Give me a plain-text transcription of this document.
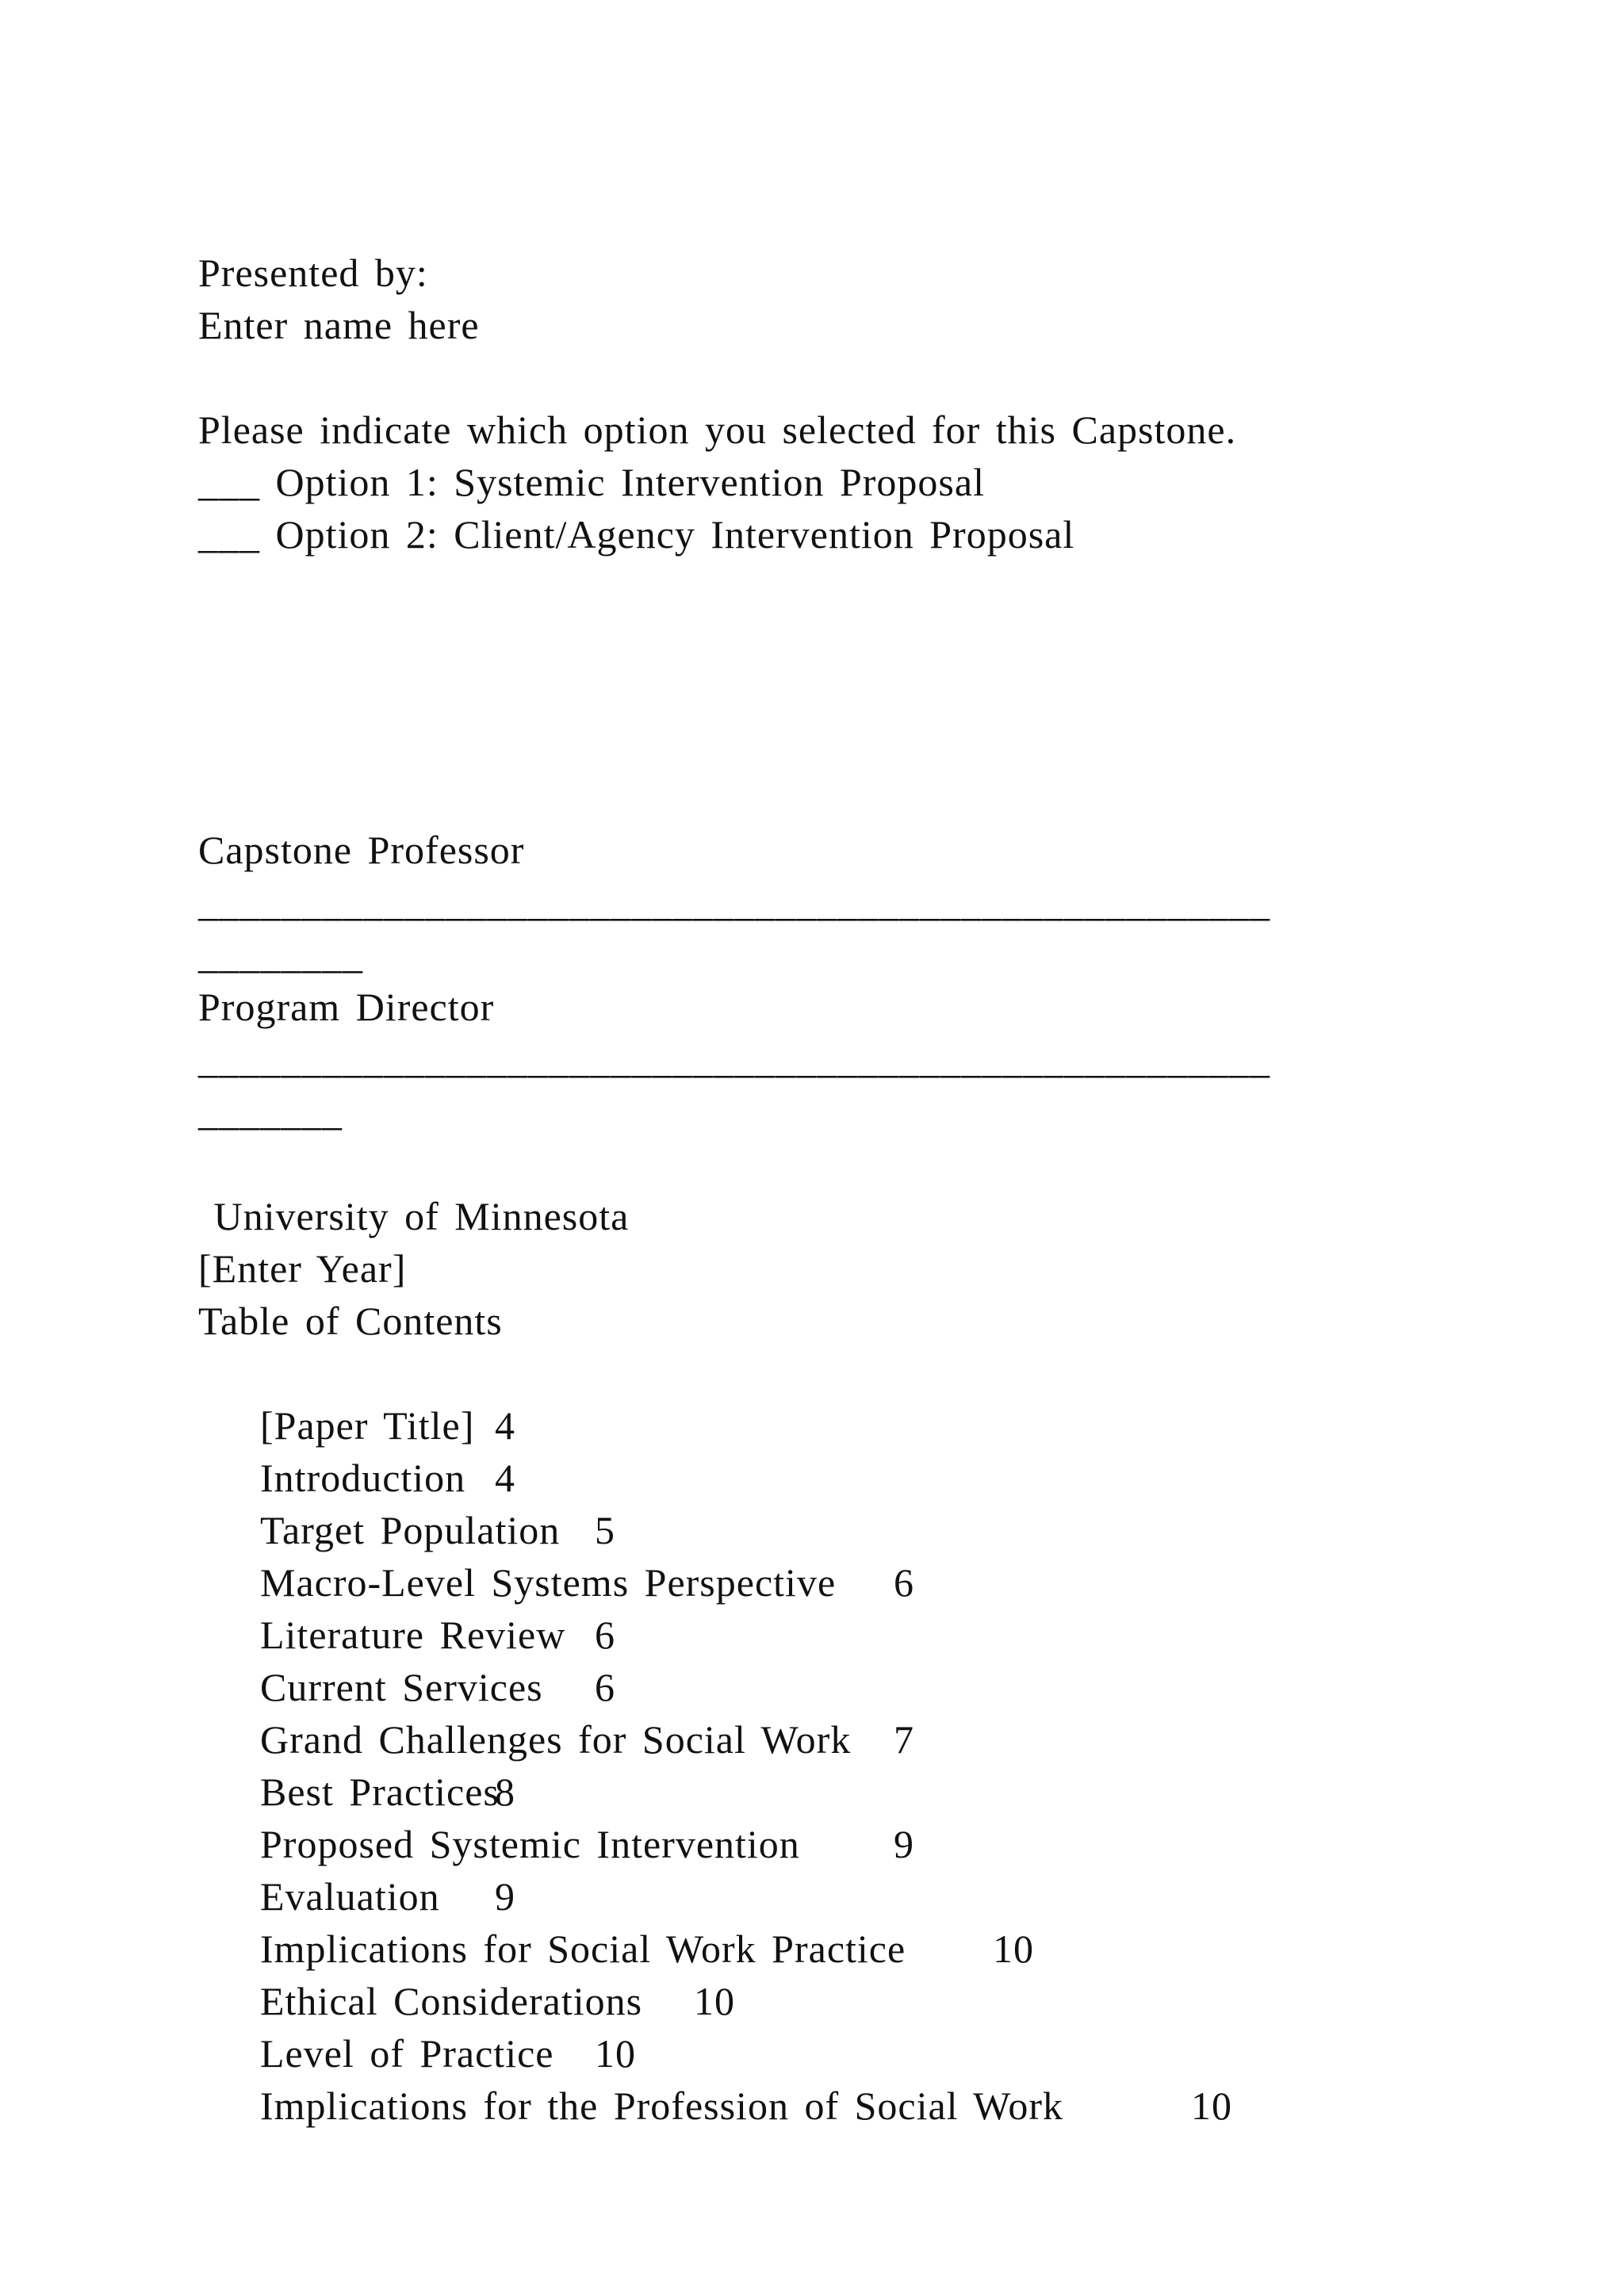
Presented by:
Enter name here
Please indicate which option you selected for this Capstone.
___ Option 1: Systemic Intervention Proposal
___ Option 2: Client/Agency Intervention Proposal
Capstone Professor
____________________________________________________
________
Program Director
____________________________________________________
_______
University of Minnesota
[Enter Year]
Table of Contents

[Paper Title] 4

Introduction 4

Target Population 5

Macro-Level Systems Perspective 6

Literature Review 6

Current Services 6

Grand Challenges for Social Work 7

Best Practices
8

Proposed Systemic Intervention 9

Evaluation 9

Implications for Social Work Practice 10

Ethical Considerations 10

Level of Practice 10

Implications for the Profession of Social Work	10
